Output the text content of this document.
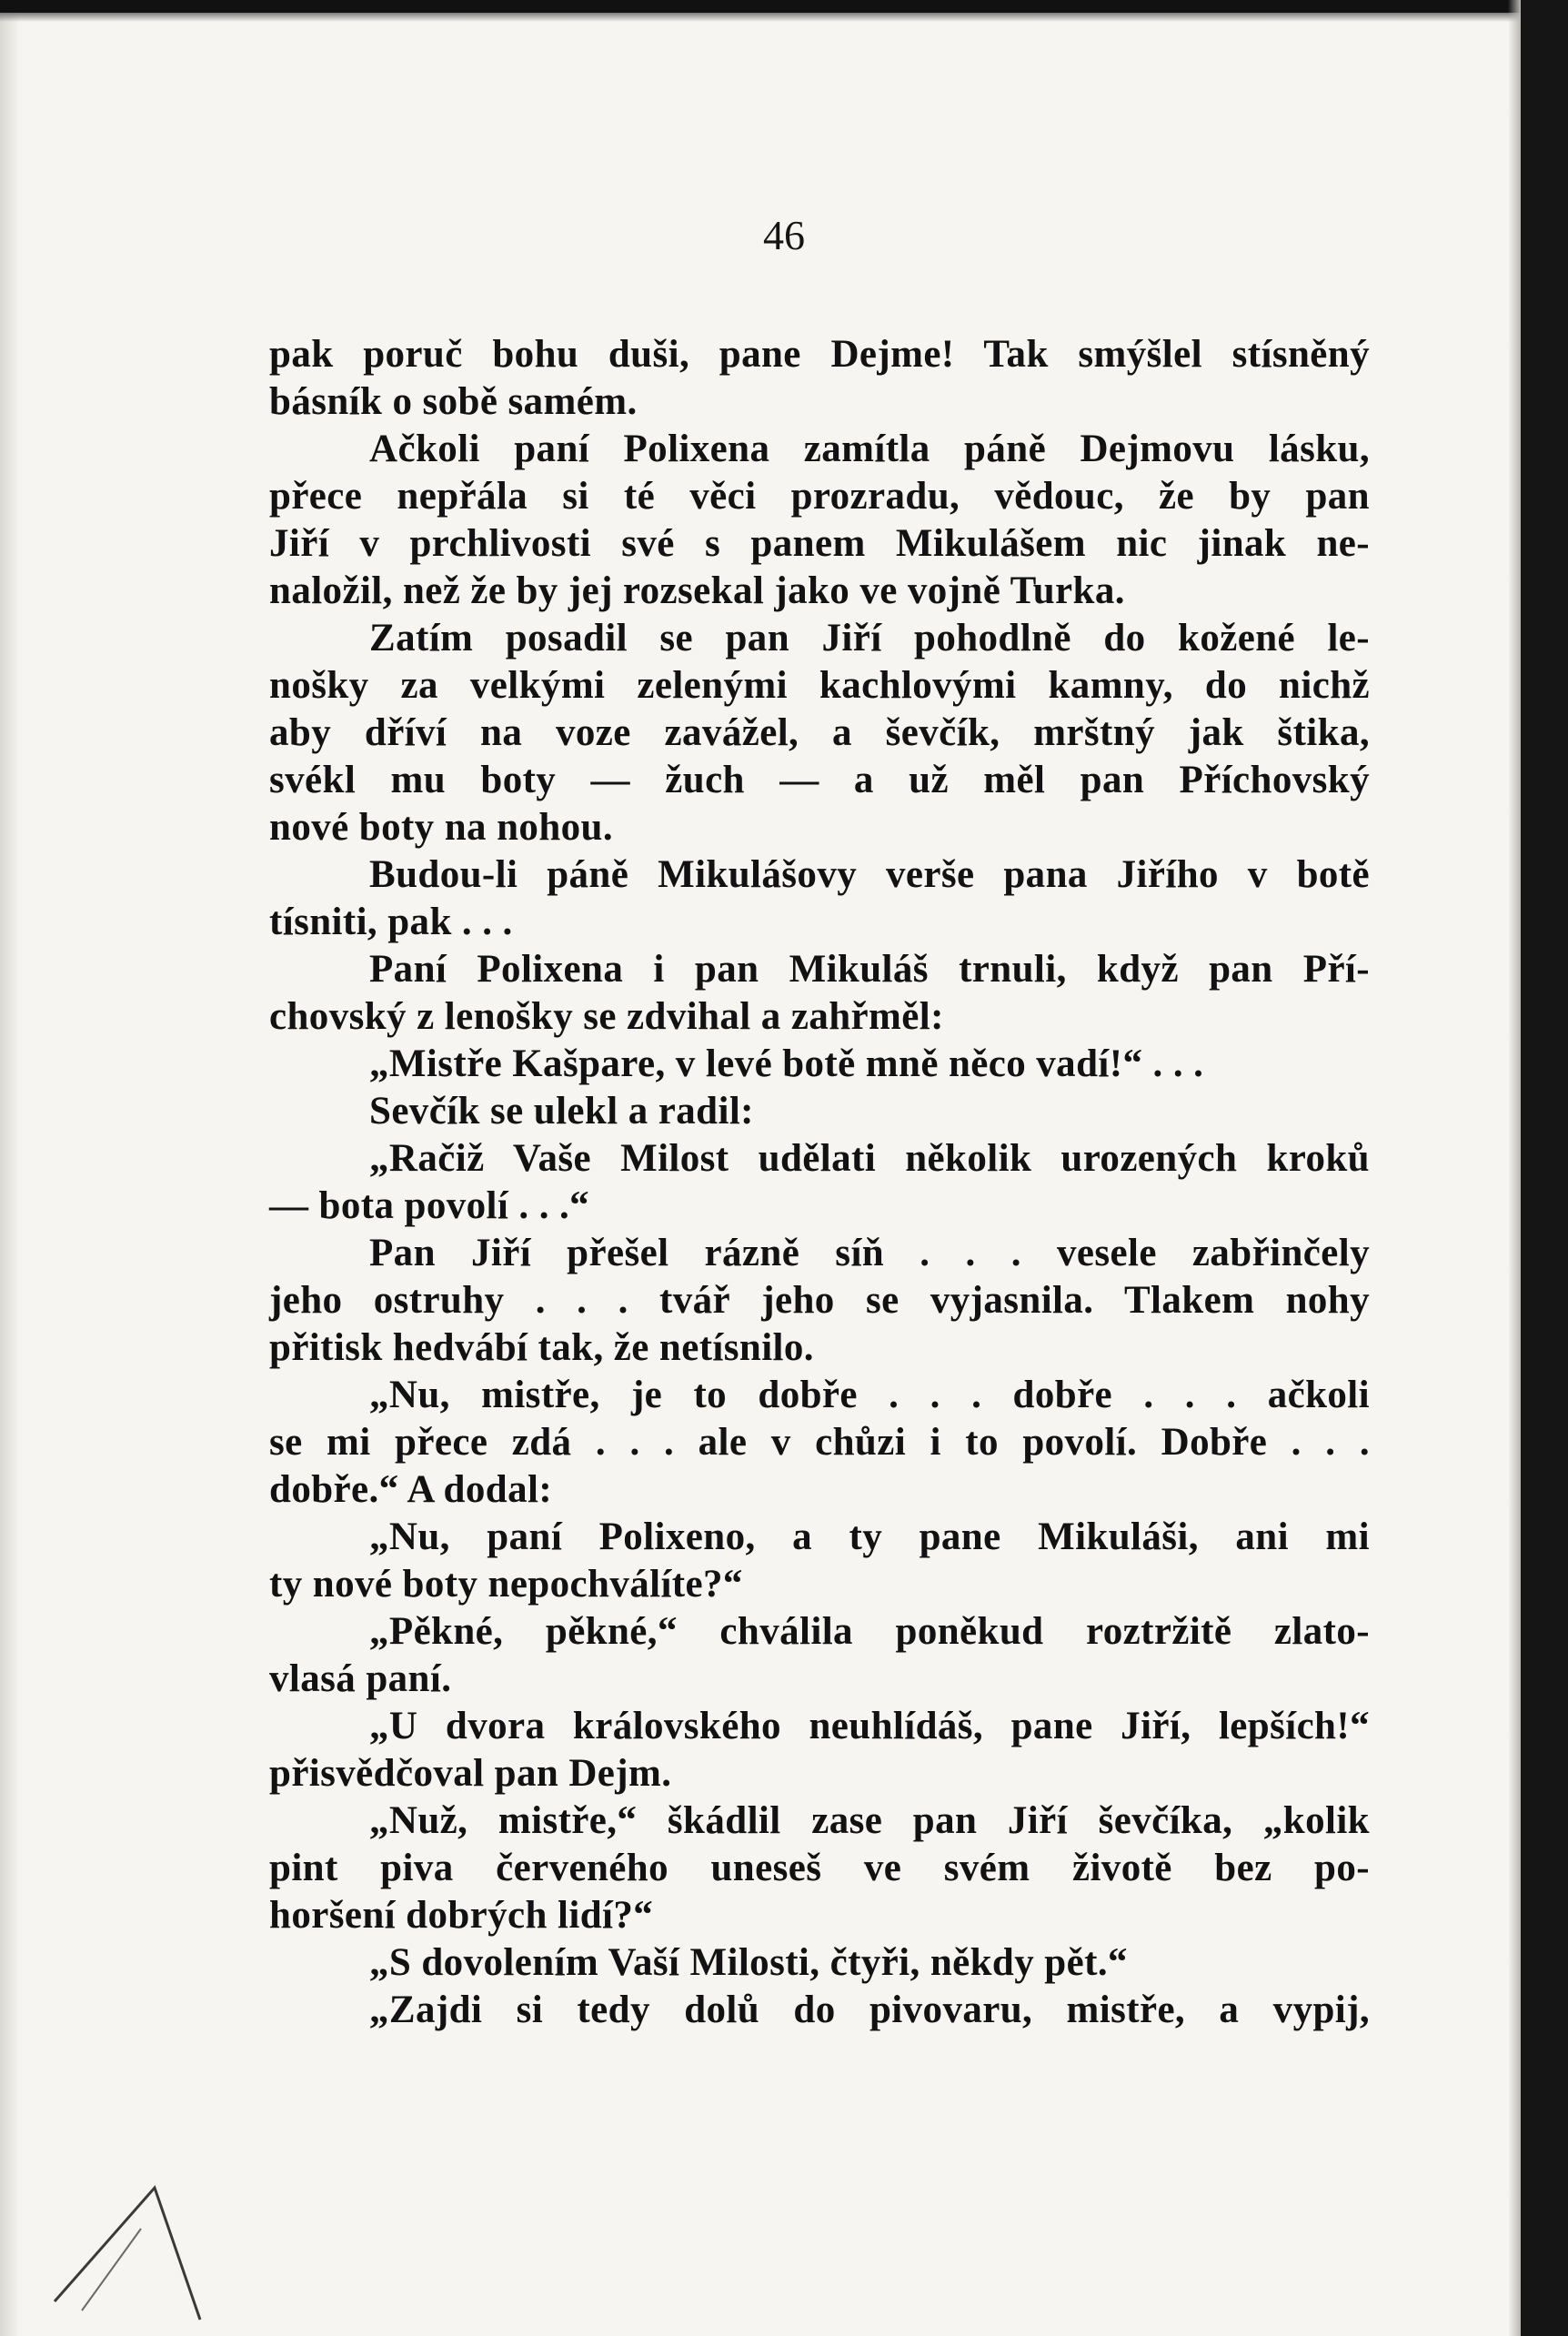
46
pak poruč bohu duši, pane Dejme! Tak smýšlel stísněný
básník o sobě samém.
Ačkoli paní Polixena zamítla páně Dejmovu lásku,
přece nepřála si té věci prozradu, vědouc, že by pan
Jiří v prchlivosti své s panem Mikulášem nic jinak ne-
naložil, než že by jej rozsekal jako ve vojně Turka.
Zatím posadil se pan Jiří pohodlně do kožené le-
nošky za velkými zelenými kachlovými kamny, do nichž
aby dříví na voze zavážel, a ševčík, mrštný jak štika,
svékl mu boty — žuch — a už měl pan Příchovský
nové boty na nohou.
Budou-li páně Mikulášovy verše pana Jiřího v botě
tísniti, pak . . .
Paní Polixena i pan Mikuláš trnuli, když pan Pří-
chovský z lenošky se zdvihal a zahřměl:
„Mistře Kašpare, v levé botě mně něco vadí!“ . . .
Sevčík se ulekl a radil:
„Račiž Vaše Milost udělati několik urozených kroků
— bota povolí . . .“
Pan Jiří přešel rázně síň . . . vesele zabřinčely
jeho ostruhy . . . tvář jeho se vyjasnila. Tlakem nohy
přitisk hedvábí tak, že netísnilo.
„Nu, mistře, je to dobře . . . dobře . . . ačkoli
se mi přece zdá . . . ale v chůzi i to povolí. Dobře . . .
dobře.“ A dodal:
„Nu, paní Polixeno, a ty pane Mikuláši, ani mi
ty nové boty nepochválíte?“
„Pěkné, pěkné,“ chválila poněkud roztržitě zlato-
vlasá paní.
„U dvora královského neuhlídáš, pane Jiří, lepších!“
přisvědčoval pan Dejm.
„Nuž, mistře,“ škádlil zase pan Jiří ševčíka, „kolik
pint piva červeného uneseš ve svém životě bez po-
horšení dobrých lidí?“
„S dovolením Vaší Milosti, čtyři, někdy pět.“
„Zajdi si tedy dolů do pivovaru, mistře, a vypij,
